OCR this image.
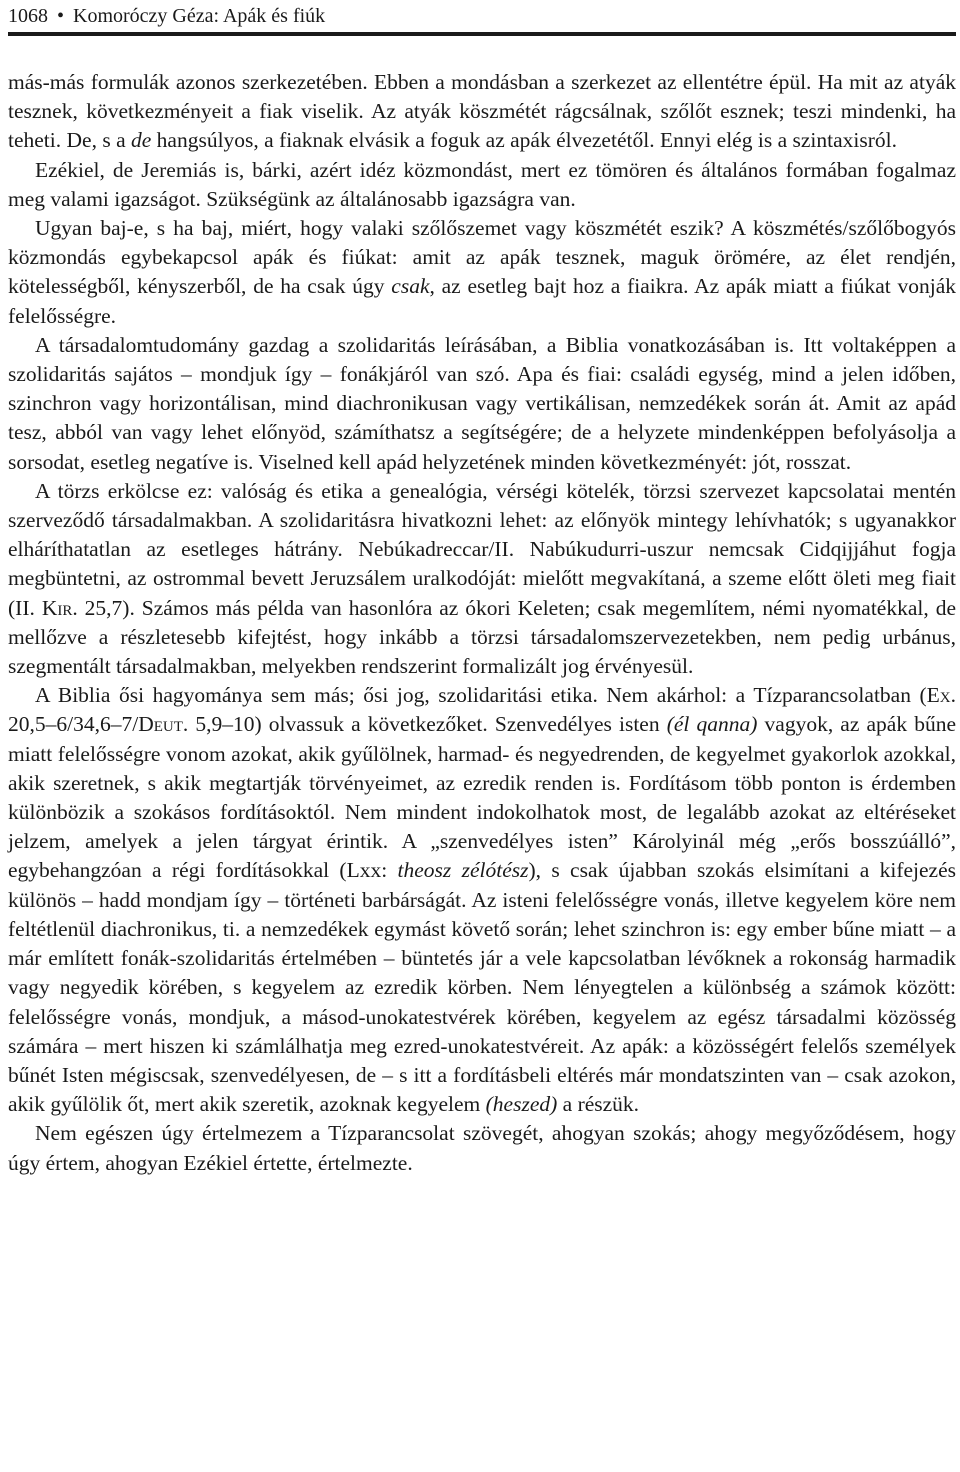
1068 • Komoróczy Géza: Apák és fiúk

más-más formulák azonos szerkezetében. Ebben a mondásban a szerkezet az ellentétre épül. Ha mit az atyák tesznek, következményeit a fiak viselik. Az atyák köszmétét rágcsálnak, szőlőt esznek; teszi mindenki, ha teheti. De, s a de hangsúlyos, a fiaknak elvásik a foguk az apák élvezetétől. Ennyi elég is a szintaxisról.

Ezékiel, de Jeremiás is, bárki, azért idéz közmondást, mert ez tömören és általános formában fogalmaz meg valami igazságot. Szükségünk az általánosabb igazságra van.

Ugyan baj-e, s ha baj, miért, hogy valaki szőlőszemet vagy köszmétét eszik? A köszmétés/szőlőbogyós közmondás egybekapcsol apák és fiúkat: amit az apák tesznek, maguk örömére, az élet rendjén, kötelességből, kényszerből, de ha csak úgy csak, az esetleg bajt hoz a fiaikra. Az apák miatt a fiúkat vonják felelősségre.

A társadalomtudomány gazdag a szolidaritás leírásában, a Biblia vonatkozásában is. Itt voltaképpen a szolidaritás sajátos – mondjuk így – fonákjáról van szó. Apa és fiai: családi egység, mind a jelen időben, szinchron vagy horizontálisan, mind diachronikusan vagy vertikálisan, nemzedékek során át. Amit az apád tesz, abból van vagy lehet előnyöd, számíthatsz a segítségére; de a helyzete mindenképpen befolyásolja a sorsodat, esetleg negatíve is. Viselned kell apád helyzetének minden következményét: jót, rosszat.

A törzs erkölcse ez: valóság és etika a genealógia, vérségi kötelék, törzsi szervezet kapcsolatai mentén szerveződő társadalmakban. A szolidaritásra hivatkozni lehet: az előnyök mintegy lehívhatók; s ugyanakkor elháríthatatlan az esetleges hátrány. Nebúkadreccar/II. Nabúkudurri-uszur nemcsak Cidqijjáhut fogja megbüntetni, az ostrommal bevett Jeruzsálem uralkodóját: mielőtt megvakítaná, a szeme előtt öleti meg fiait (II. Kir. 25,7). Számos más példa van hasonlóra az ókori Keleten; csak megemlítem, némi nyomatékkal, de mellőzve a részletesebb kifejtést, hogy inkább a törzsi társadalomszervezetekben, nem pedig urbánus, szegmentált társadalmakban, melyekben rendszerint formalizált jog érvényesül.

A Biblia ősi hagyománya sem más; ősi jog, szolidaritási etika. Nem akárhol: a Tízparancsolatban (Ex. 20,5–6/34,6–7/Deut. 5,9–10) olvassuk a következőket. Szenvedélyes isten (él qanna) vagyok, az apák bűne miatt felelősségre vonom azokat, akik gyűlölnek, harmad- és negyedrenden, de kegyelmet gyakorlok azokkal, akik szeretnek, s akik megtartják törvényeimet, az ezredik renden is. Fordításom több ponton is érdemben különbözik a szokásos fordításoktól. Nem mindent indokolhatok most, de legalább azokat az eltéréseket jelzem, amelyek a jelen tárgyat érintik. A „szenvedélyes isten” Károlyinál még „erős bosszúálló”, egybehangzóan a régi fordításokkal (Lxx: theosz zélótész), s csak újabban szokás elsimítani a kifejezés különös – hadd mondjam így – történeti barbárságát. Az isteni felelősségre vonás, illetve kegyelem köre nem feltétlenül diachronikus, ti. a nemzedékek egymást követő során; lehet szinchron is: egy ember bűne miatt – a már említett fonák-szolidaritás értelmében – büntetés jár a vele kapcsolatban lévőknek a rokonság harmadik vagy negyedik körében, s kegyelem az ezredik körben. Nem lényegtelen a különbség a számok között: felelősségre vonás, mondjuk, a másod-unokatestvérek körében, kegyelem az egész társadalmi közösség számára – mert hiszen ki számlálhatja meg ezred-unokatestvéreit. Az apák: a közösségért felelős személyek bűnét Isten mégiscsak, szenvedélyesen, de – s itt a fordításbeli eltérés már mondatszinten van – csak azokon, akik gyűlölik őt, mert akik szeretik, azoknak kegyelem (heszed) a részük.

Nem egészen úgy értelmezem a Tízparancsolat szövegét, ahogyan szokás; ahogy megyőződésem, hogy úgy értem, ahogyan Ezékiel értette, értelmezte.
